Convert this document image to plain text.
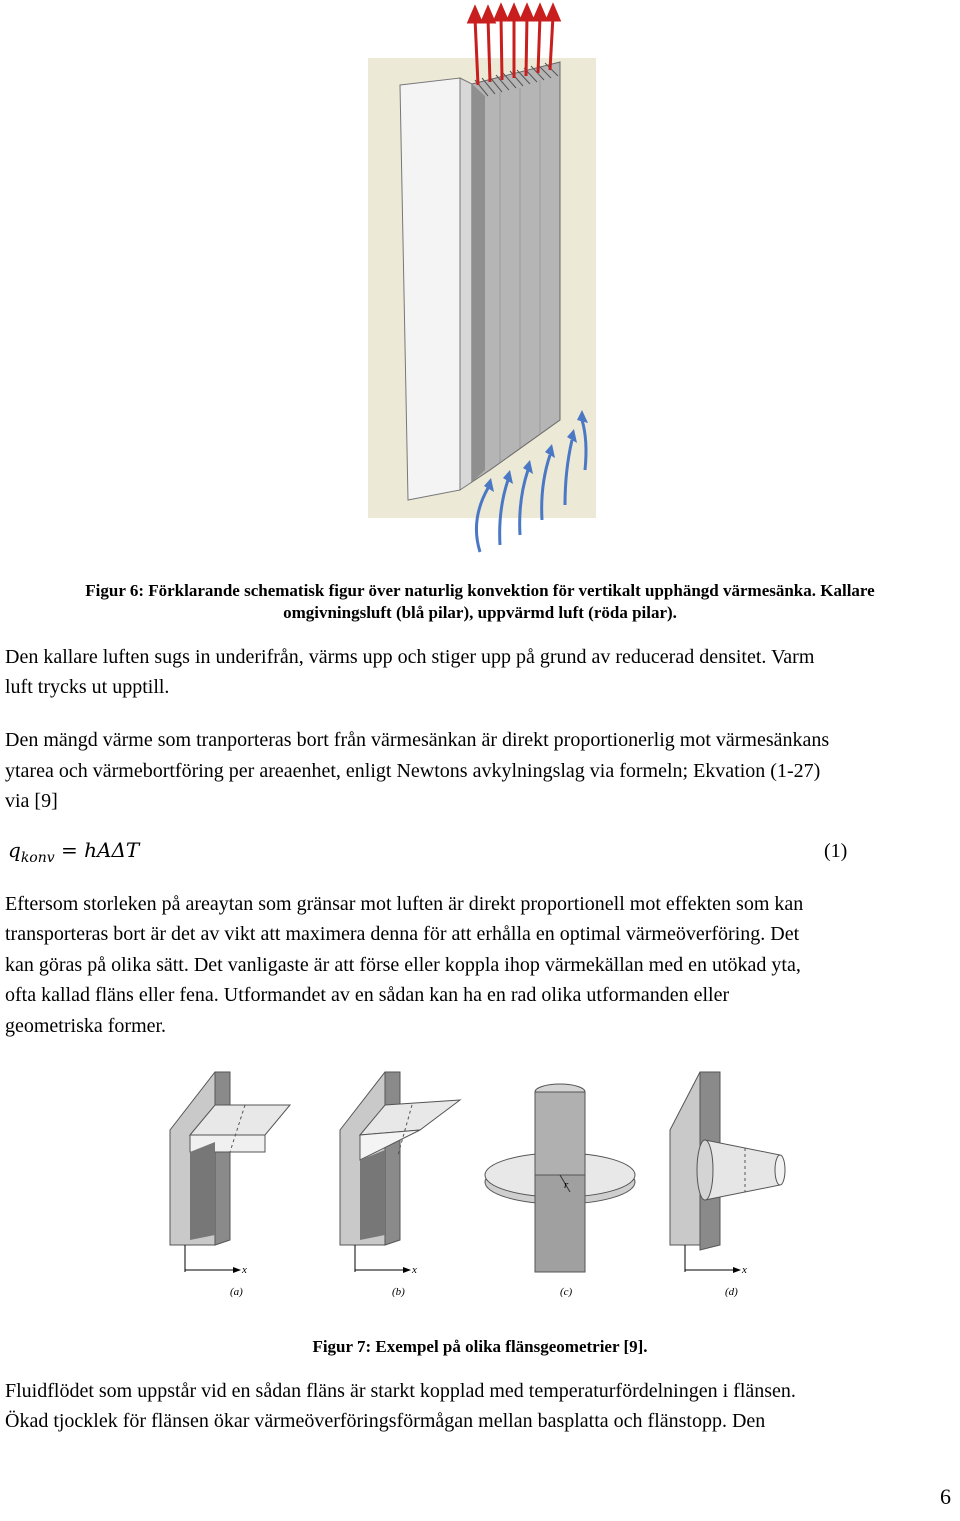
Figur 6: Förklarande schematisk figur över naturlig konvektion för vertikalt upphängd värmesänka. Kallare
omgivningsluft (blå pilar), uppvärmd luft (röda pilar).
Den kallare luften sugs in underifrån, värms upp och stiger upp på grund av reducerad densitet. Varm
luft trycks ut upptill.
Den mängd värme som tranporteras bort från värmesänkan är direkt proportionerlig mot värmesänkans
ytarea och värmebortföring per areaenhet, enligt Newtons avkylningslag via formeln; Ekvation (1-27)
via [9]
$q_{konv} = hA\Delta T$	(1)
Eftersom storleken på areaytan som gränsar mot luften är direkt proportionell mot effekten som kan
transporteras bort är det av vikt att maximera denna för att erhålla en optimal värmeöverföring. Det
kan göras på olika sätt. Det vanligaste är att förse eller koppla ihop värmekällan med en utökad yta,
ofta kallad fläns eller fena. Utformandet av en sådan kan ha en rad olika utformanden eller
geometriska former.
r
x	x	x
(a)	(b)	(c)	(d)
Figur 7: Exempel på olika flänsgeometrier [9].
Fluidflödet som uppstår vid en sådan fläns är starkt kopplad med temperaturfördelningen i flänsen.
Ökad tjocklek för flänsen ökar värmeöverföringsförmågan mellan basplatta och flänstopp. Den
6
